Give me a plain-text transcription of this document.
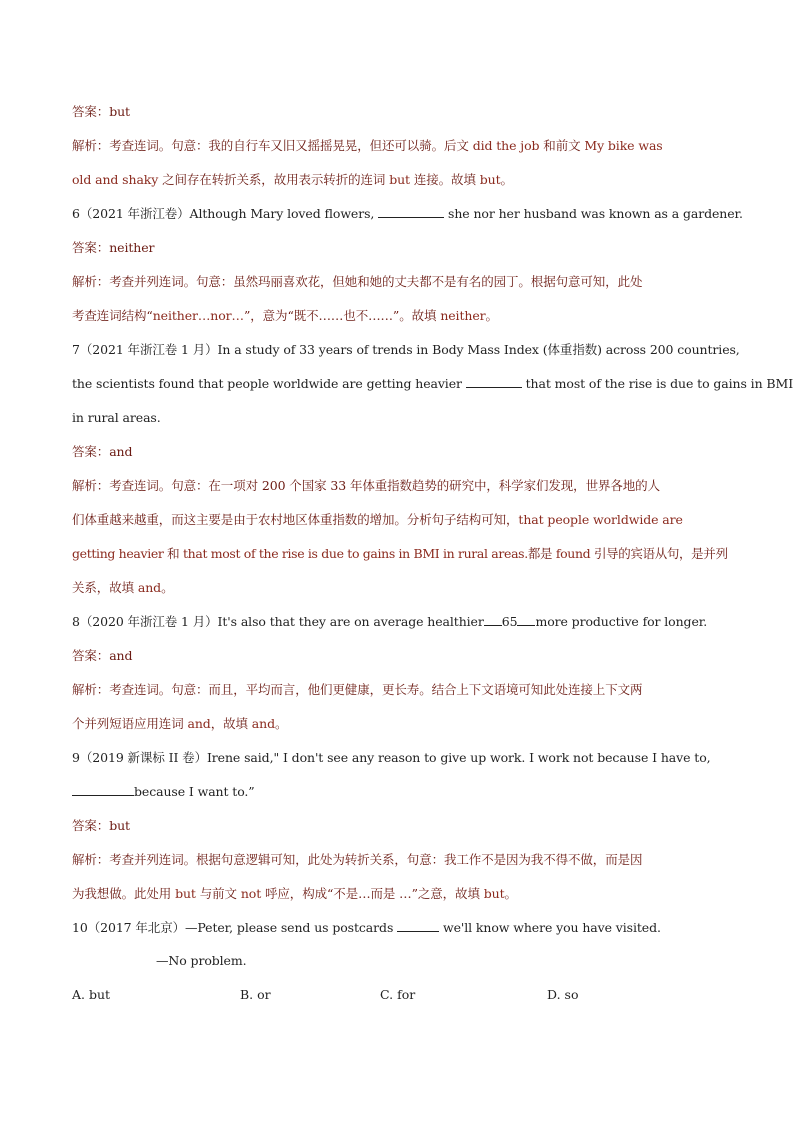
答案：but
解析：考查连词。句意：我的自行车又旧又摇摇晃晃，但还可以骑。后文 did the job 和前文 My bike was
old and shaky 之间存在转折关系，故用表示转折的连词 but 连接。故填 but。
6（2021 年浙江卷）Although Mary loved flowers,	she nor her husband was known as a gardener.
答案：neither
解析：考查并列连词。句意：虽然玛丽喜欢花，但她和她的丈夫都不是有名的园丁。根据句意可知，此处
考查连词结构“neither…nor…”，意为“既不……也不……”。故填 neither。
7（2021 年浙江卷 1 月）In a study of 33 years of trends in Body Mass Index (体重指数) across 200 countries,
the scientists found that people worldwide are getting heavier	that most of the rise is due to gains in BMI
in rural areas.
答案：and
解析：考查连词。句意：在一项对 200 个国家 33 年体重指数趋势的研究中，科学家们发现，世界各地的人
们体重越来越重，而这主要是由于农村地区体重指数的增加。分析句子结构可知，that people worldwide are
getting heavier 和 that most of the rise is due to gains in BMI in rural areas.都是 found 引导的宾语从句，是并列
关系，故填 and。
8（2020 年浙江卷 1 月）It's also that they are on average healthier 65 more productive for longer.
答案：and
解析：考查连词。句意：而且，平均而言，他们更健康，更长寿。结合上下文语境可知此处连接上下文两
个并列短语应用连词 and，故填 and。
9（2019 新课标 II 卷）Irene said," I don't see any reason to give up work. I work not because I have to,
because I want to.”
答案：but
解析：考查并列连词。根据句意逻辑可知，此处为转折关系，句意：我工作不是因为我不得不做，而是因
为我想做。此处用 but 与前文 not 呼应，构成“不是…而是 …”之意，故填 but。
10（2017 年北京）—Peter, please send us postcards	we'll know where you have visited.
—No problem.
A. but	B. or	C. for	D. so
